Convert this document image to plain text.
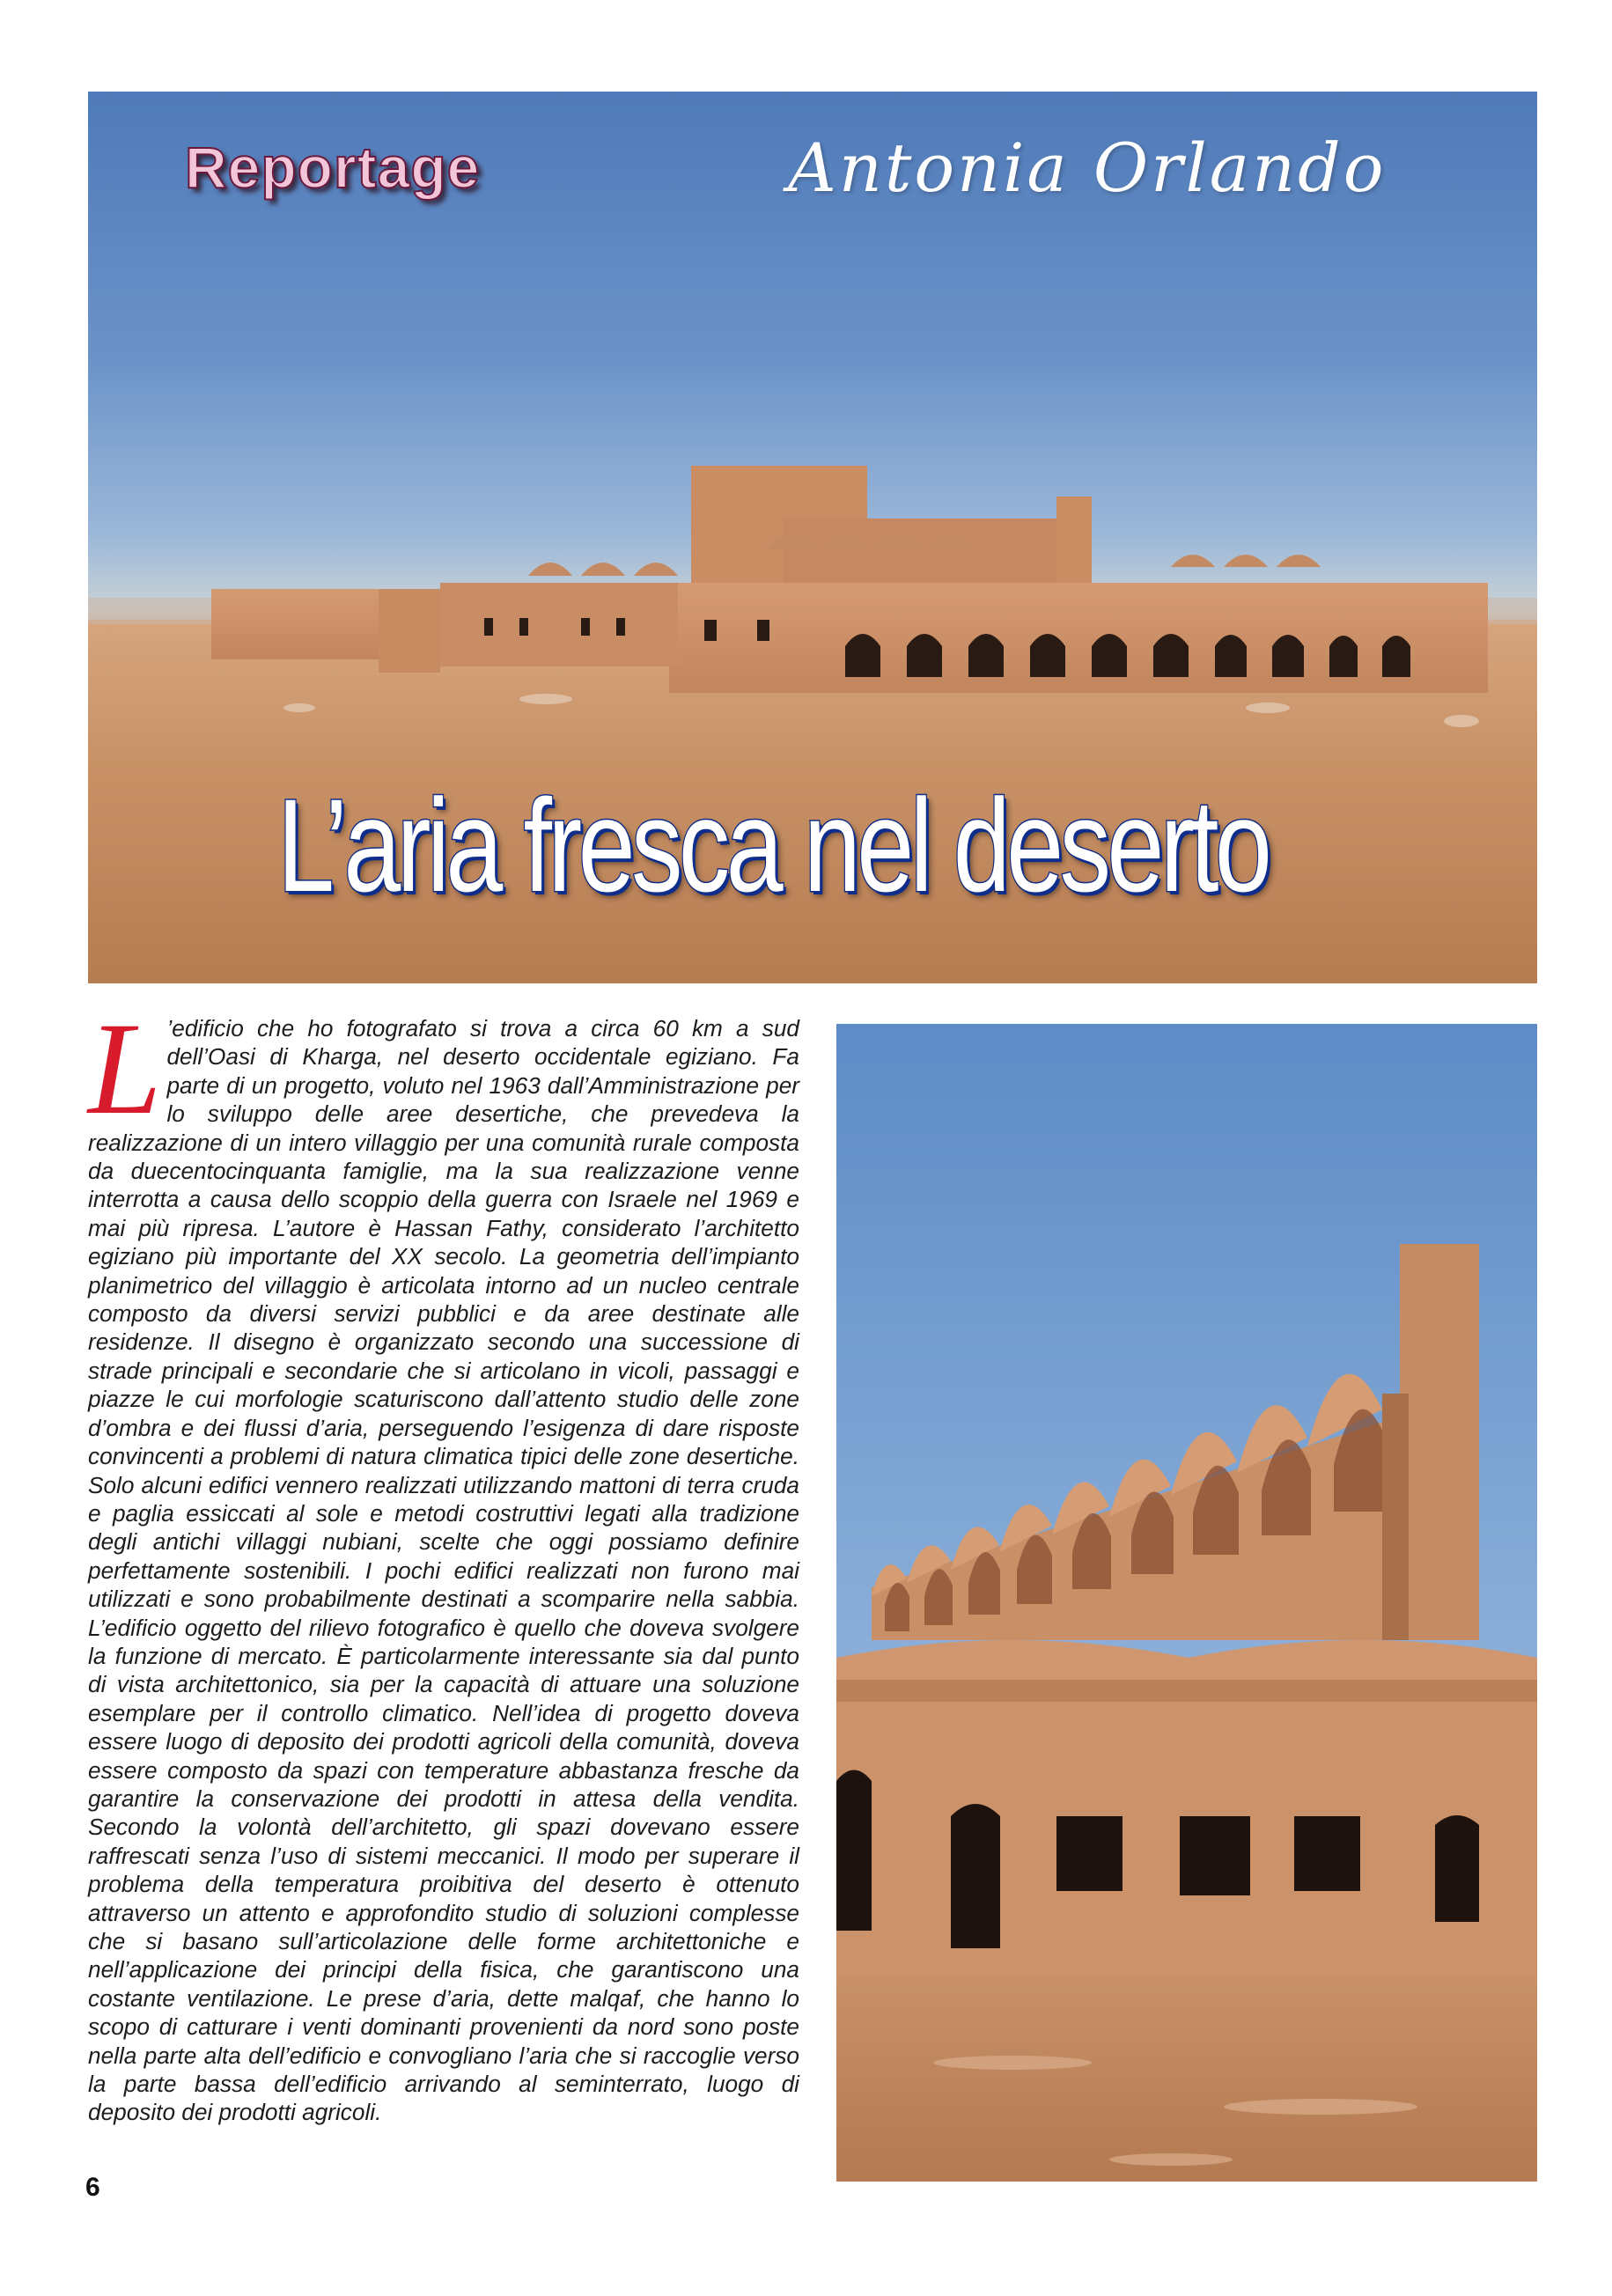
Reportage	Antonia Orlando
L’aria fresca nel deserto
L ’edificio che ho fotografato si trova a circa 60 km a sud dell’Oasi di Kharga, nel deserto occidentale egiziano. Fa parte di un progetto, voluto nel 1963 dall’Amministrazione per lo sviluppo delle aree desertiche, che prevedeva la realizzazione di un intero villaggio per una comunità rurale composta da duecentocinquanta famiglie, ma la sua realizzazione venne interrotta a causa dello scoppio della guerra con Israele nel 1969 e mai più ripresa. L’autore è Hassan Fathy, considerato l’architetto egiziano più importante del XX secolo. La geometria dell’impianto planimetrico del villaggio è articolata intorno ad un nucleo centrale composto da diversi servizi pubblici e da aree destinate alle residenze. Il disegno è organizzato secondo una successione di strade principali e secondarie che si articolano in vicoli, passaggi e piazze le cui morfologie scaturiscono dall’attento studio delle zone d’ombra e dei flussi d’aria, perseguendo l’esigenza di dare risposte convincenti a problemi di natura climatica tipici delle zone desertiche. Solo alcuni edifici vennero realizzati utilizzando mattoni di terra cruda e paglia essiccati al sole e metodi costruttivi legati alla tradizione degli antichi villaggi nubiani, scelte che oggi possiamo definire perfettamente sostenibili. I pochi edifici realizzati non furono mai utilizzati e sono probabilmente destinati a scomparire nella sabbia. L’edificio oggetto del rilievo fotografico è quello che doveva svolgere la funzione di mercato. È particolarmente interessante sia dal punto di vista architettonico, sia per la capacità di attuare una soluzione esemplare per il controllo climatico. Nell’idea di progetto doveva essere luogo di deposito dei prodotti agricoli della comunità, doveva essere composto da spazi con temperature abbastanza fresche da garantire la conservazione dei prodotti in attesa della vendita. Secondo la volontà dell’architetto, gli spazi dovevano essere raffrescati senza l’uso di sistemi meccanici. Il modo per superare il problema della temperatura proibitiva del deserto è ottenuto attraverso un attento e approfondito studio di soluzioni complesse che si basano sull’articolazione delle forme architettoniche e nell’applicazione dei principi della fisica, che garantiscono una costante ventilazione. Le prese d’aria, dette malqaf, che hanno lo scopo di catturare i venti dominanti provenienti da nord sono poste nella parte alta dell’edificio e convogliano l’aria che si raccoglie verso la parte bassa dell’edificio arrivando al seminterrato, luogo di deposito dei prodotti agricoli.
6
